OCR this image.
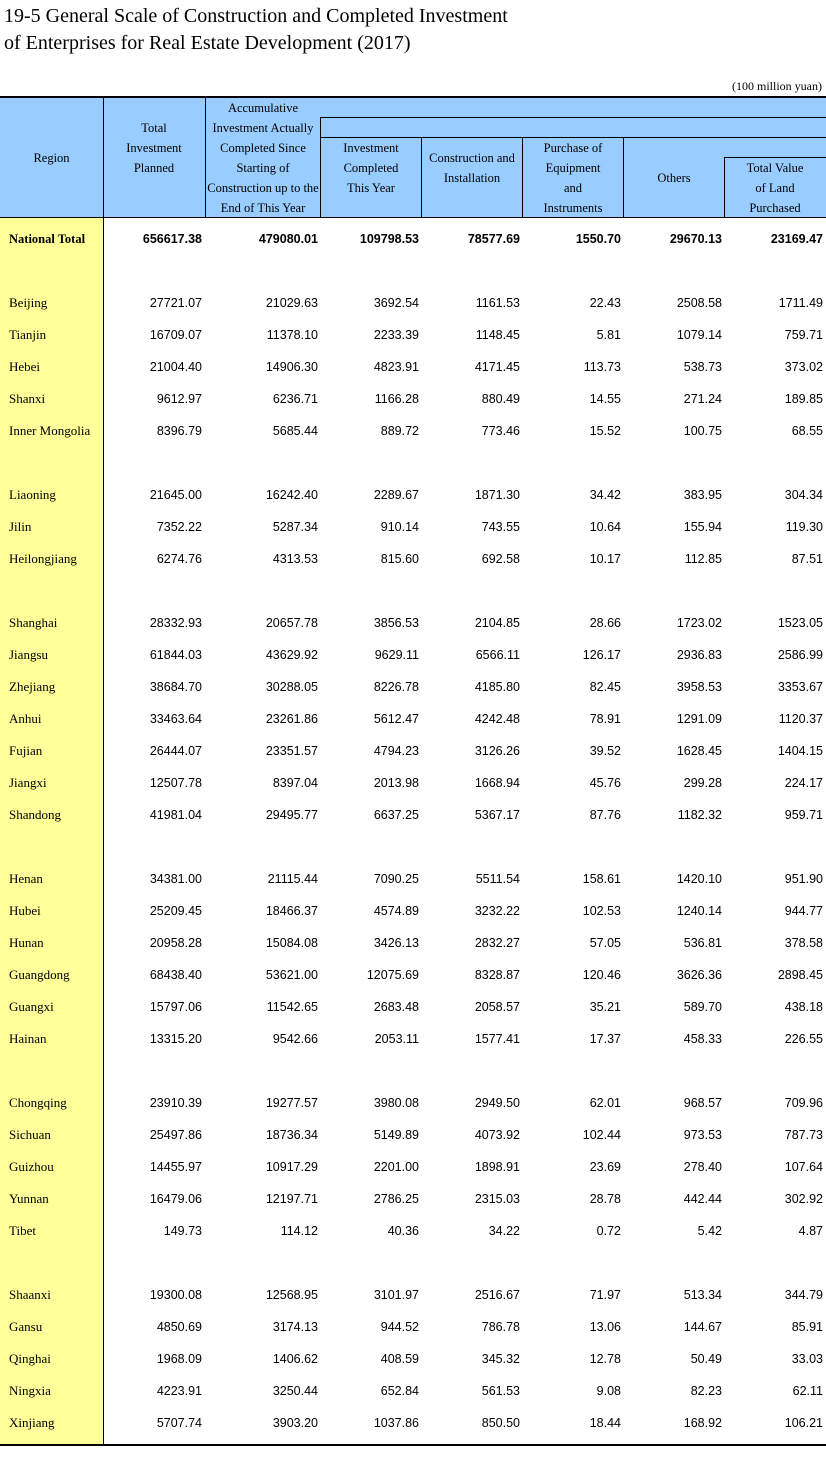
19-5 General Scale of Construction and Completed Investment
of Enterprises for Real Estate Development (2017)
(100 million yuan)
Region
Total Investment Planned
Accumulative Investment Actually Completed Since Starting of Construction up to the End of This Year
Investment Completed This Year
Construction and Installation
Purchase of Equipment and Instruments
Others
Total Value of Land Purchased
National Total	656617.38	479080.01	109798.53	78577.69	1550.70	29670.13	23169.47
Beijing	27721.07	21029.63	3692.54	1161.53	22.43	2508.58	1711.49
Tianjin	16709.07	11378.10	2233.39	1148.45	5.81	1079.14	759.71
Hebei	21004.40	14906.30	4823.91	4171.45	113.73	538.73	373.02
Shanxi	9612.97	6236.71	1166.28	880.49	14.55	271.24	189.85
Inner Mongolia	8396.79	5685.44	889.72	773.46	15.52	100.75	68.55
Liaoning	21645.00	16242.40	2289.67	1871.30	34.42	383.95	304.34
Jilin	7352.22	5287.34	910.14	743.55	10.64	155.94	119.30
Heilongjiang	6274.76	4313.53	815.60	692.58	10.17	112.85	87.51
Shanghai	28332.93	20657.78	3856.53	2104.85	28.66	1723.02	1523.05
Jiangsu	61844.03	43629.92	9629.11	6566.11	126.17	2936.83	2586.99
Zhejiang	38684.70	30288.05	8226.78	4185.80	82.45	3958.53	3353.67
Anhui	33463.64	23261.86	5612.47	4242.48	78.91	1291.09	1120.37
Fujian	26444.07	23351.57	4794.23	3126.26	39.52	1628.45	1404.15
Jiangxi	12507.78	8397.04	2013.98	1668.94	45.76	299.28	224.17
Shandong	41981.04	29495.77	6637.25	5367.17	87.76	1182.32	959.71
Henan	34381.00	21115.44	7090.25	5511.54	158.61	1420.10	951.90
Hubei	25209.45	18466.37	4574.89	3232.22	102.53	1240.14	944.77
Hunan	20958.28	15084.08	3426.13	2832.27	57.05	536.81	378.58
Guangdong	68438.40	53621.00	12075.69	8328.87	120.46	3626.36	2898.45
Guangxi	15797.06	11542.65	2683.48	2058.57	35.21	589.70	438.18
Hainan	13315.20	9542.66	2053.11	1577.41	17.37	458.33	226.55
Chongqing	23910.39	19277.57	3980.08	2949.50	62.01	968.57	709.96
Sichuan	25497.86	18736.34	5149.89	4073.92	102.44	973.53	787.73
Guizhou	14455.97	10917.29	2201.00	1898.91	23.69	278.40	107.64
Yunnan	16479.06	12197.71	2786.25	2315.03	28.78	442.44	302.92
Tibet	149.73	114.12	40.36	34.22	0.72	5.42	4.87
Shaanxi	19300.08	12568.95	3101.97	2516.67	71.97	513.34	344.79
Gansu	4850.69	3174.13	944.52	786.78	13.06	144.67	85.91
Qinghai	1968.09	1406.62	408.59	345.32	12.78	50.49	33.03
Ningxia	4223.91	3250.44	652.84	561.53	9.08	82.23	62.11
Xinjiang	5707.74	3903.20	1037.86	850.50	18.44	168.92	106.21
